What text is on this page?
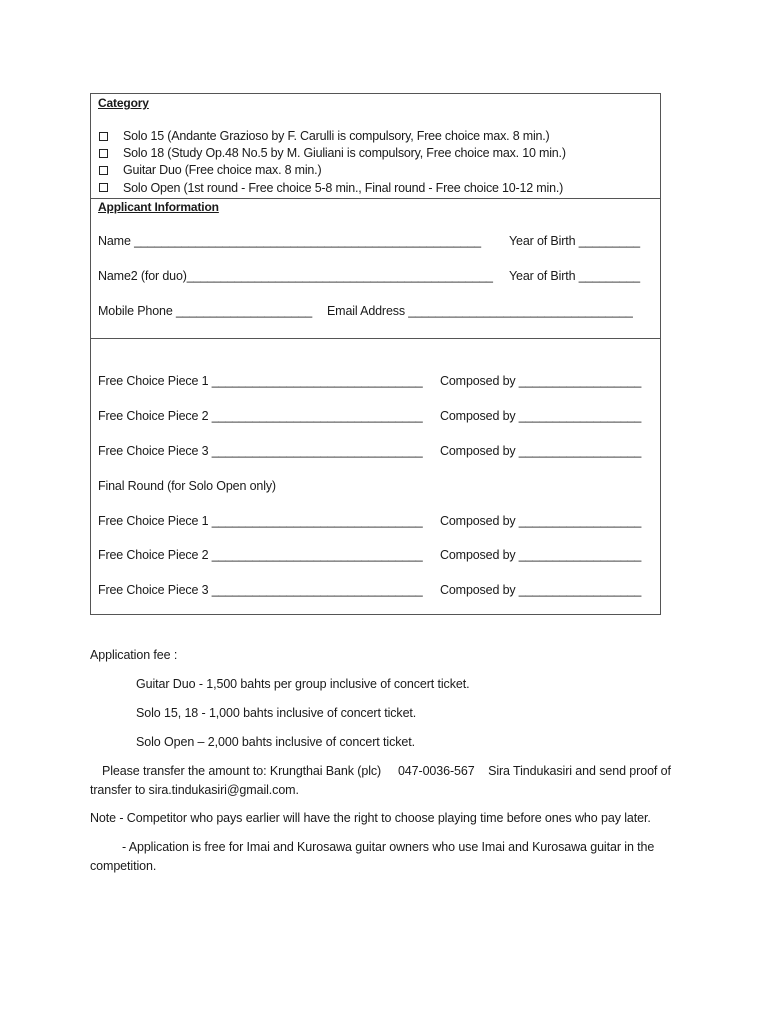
Category
Solo 15 (Andante Grazioso by F. Carulli is compulsory, Free choice max. 8 min.)
Solo 18 (Study Op.48 No.5 by M. Giuliani is compulsory, Free choice max. 10 min.)
Guitar Duo (Free choice max. 8 min.)
Solo Open (1st round - Free choice 5-8 min., Final round - Free choice 10-12 min.)
Applicant Information
Name ___________________________________________________ Year of Birth _________
Name2 (for duo)_____________________________________________ Year of Birth _________
Mobile Phone ____________________ Email Address _________________________________
Free Choice Piece 1 _______________________________ Composed by __________________
Free Choice Piece 2 _______________________________ Composed by __________________
Free Choice Piece 3 _______________________________ Composed by __________________
Final Round (for Solo Open only)
Free Choice Piece 1 _______________________________ Composed by __________________
Free Choice Piece 2 _______________________________ Composed by __________________
Free Choice Piece 3 _______________________________ Composed by __________________
Application fee :
Guitar Duo - 1,500 bahts per group inclusive of concert ticket.
Solo 15, 18 - 1,000 bahts inclusive of concert ticket.
Solo Open – 2,000 bahts inclusive of concert ticket.
Please transfer the amount to: Krungthai Bank (plc)     047-0036-567    Sira Tindukasiri and send proof of transfer to sira.tindukasiri@gmail.com.
Note - Competitor who pays earlier will have the right to choose playing time before ones who pay later.
- Application is free for Imai and Kurosawa guitar owners who use Imai and Kurosawa guitar in the competition.
